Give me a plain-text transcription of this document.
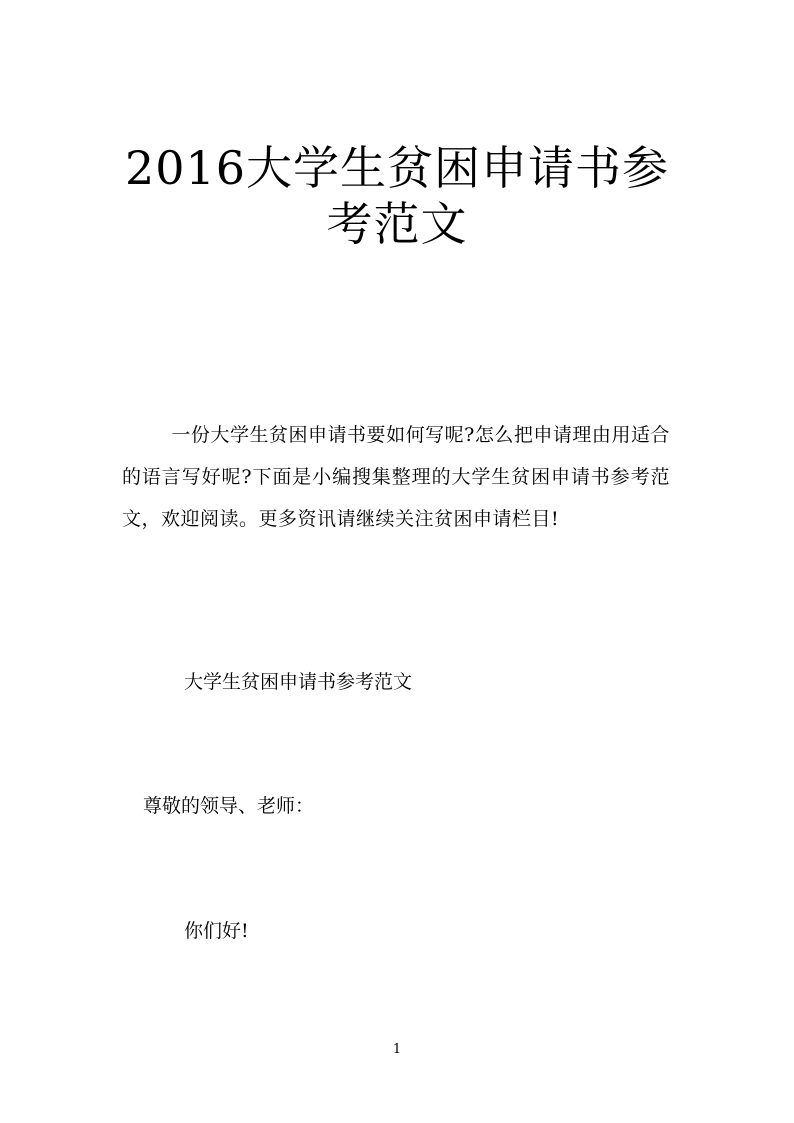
2016大学生贫困申请书参考范文

一份大学生贫困申请书要如何写呢?怎么把申请理由用适合的语言写好呢?下面是小编搜集整理的大学生贫困申请书参考范文，欢迎阅读。更多资讯请继续关注贫困申请栏目!

大学生贫困申请书参考范文
尊敬的领导、老师：
你们好!
1
